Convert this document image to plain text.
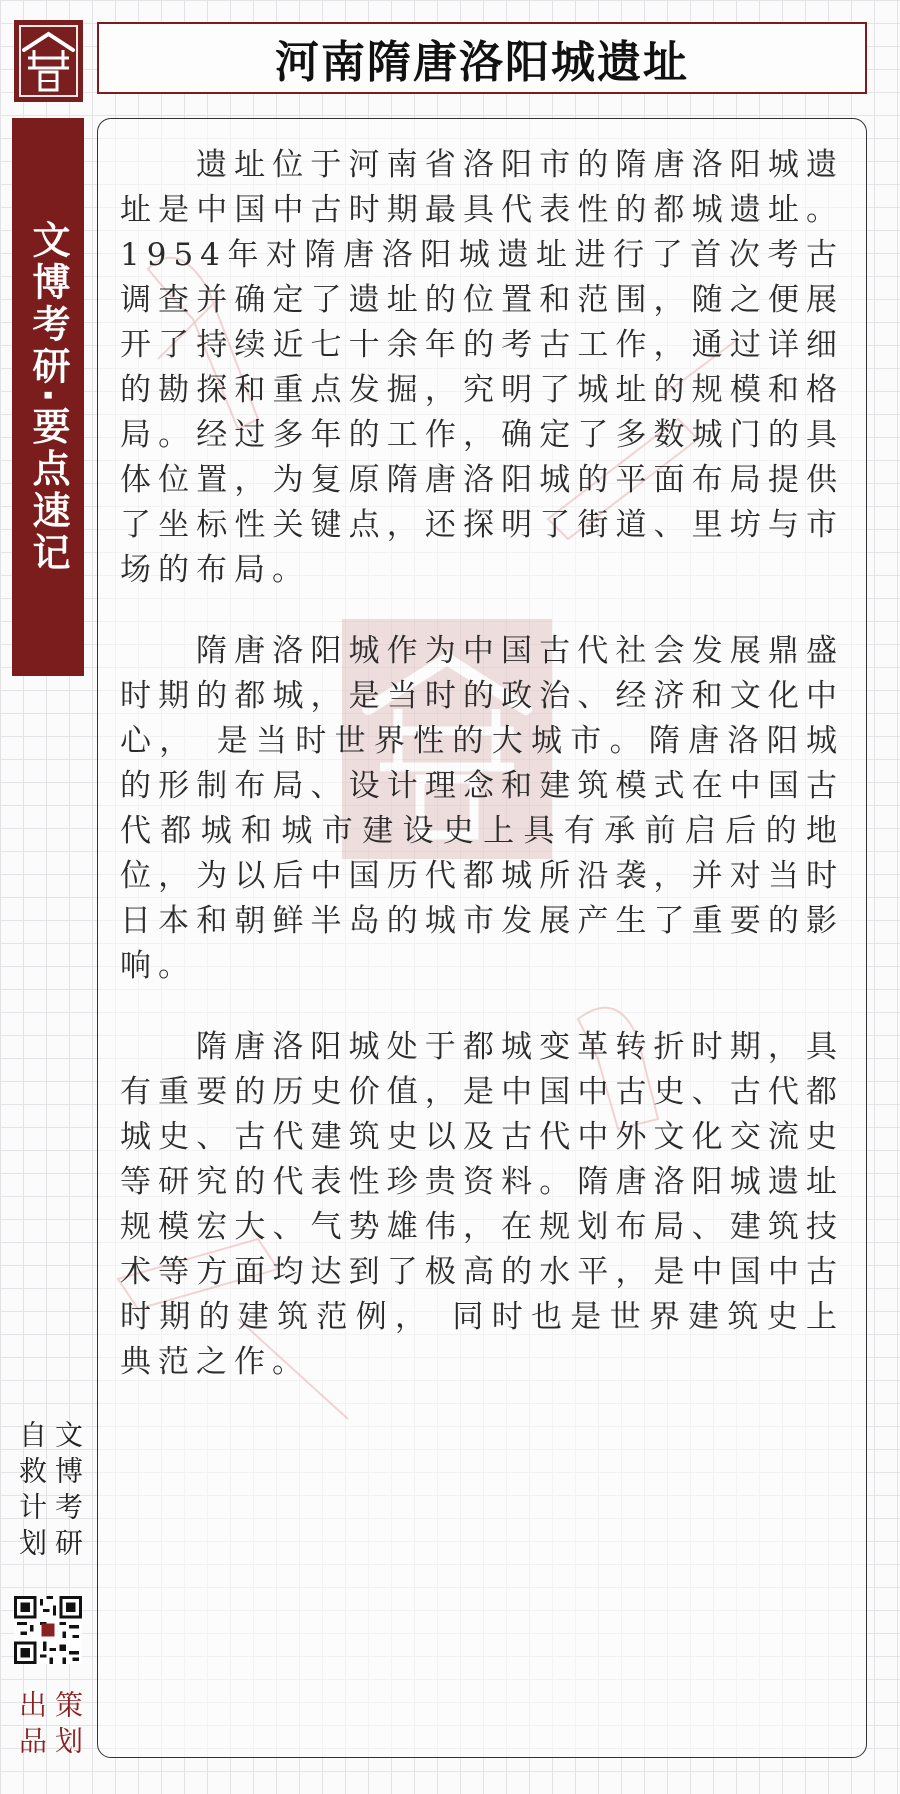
文博考研·要点速记
河南隋唐洛阳城遗址

遗址位于河南省洛阳市的隋唐洛阳城遗址是中国中古时期最具代表性的都城遗址。1954年对隋唐洛阳城遗址进行了首次考古调查并确定了遗址的位置和范围，随之便展开了持续近七十余年的考古工作，通过详细的勘探和重点发掘，究明了城址的规模和格局。经过多年的工作，确定了多数城门的具体位置，为复原隋唐洛阳城的平面布局提供了坐标性关键点，还探明了街道、里坊与市场的布局。

隋唐洛阳城作为中国古代社会发展鼎盛时期的都城，是当时的政治、经济和文化中心， 是当时世界性的大城市。隋唐洛阳城的形制布局、设计理念和建筑模式在中国古代都城和城市建设史上具有承前启后的地位，为以后中国历代都城所沿袭，并对当时日本和朝鲜半岛的城市发展产生了重要的影响。

隋唐洛阳城处于都城变革转折时期，具有重要的历史价值，是中国中古史、古代都城史、古代建筑史以及古代中外文化交流史等研究的代表性珍贵资料。隋唐洛阳城遗址规模宏大、气势雄伟，在规划布局、建筑技术等方面均达到了极高的水平，是中国中古时期的建筑范例， 同时也是世界建筑史上典范之作。

文博考研
自救计划
策划
出品
